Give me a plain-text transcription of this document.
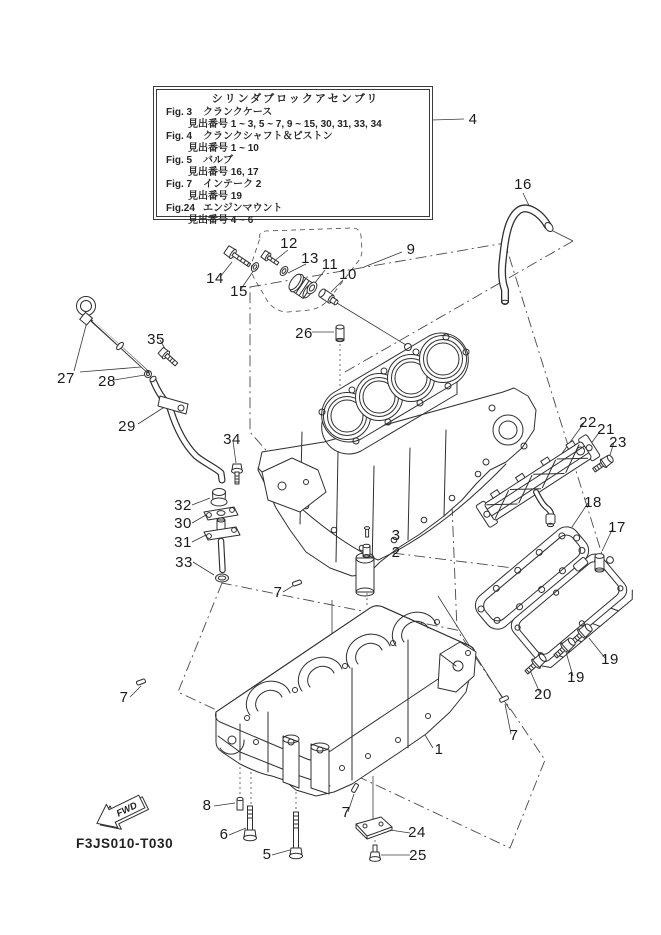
FWD
4
16
9
12
13 11
10
14
15
26
27 28
35
29
34
32
30
31
33
3
2
22 21
23
18
17
19
19
20
7
1
7
7
7
8
6
5
24
25
シリンダブロックアセンブリ
Fig. 3	クランクケース
見出番号 1 ~ 3, 5 ~ 7, 9 ~ 15, 30, 31, 33, 34
Fig. 4	クランクシャフト＆ピストン
見出番号 1 ~ 10
Fig. 5	バルブ
見出番号 16, 17
Fig. 7	インテーク 2
見出番号 19
Fig.24 エンジンマウント
見出番号 4 ~ 6
F3JS010-T030
